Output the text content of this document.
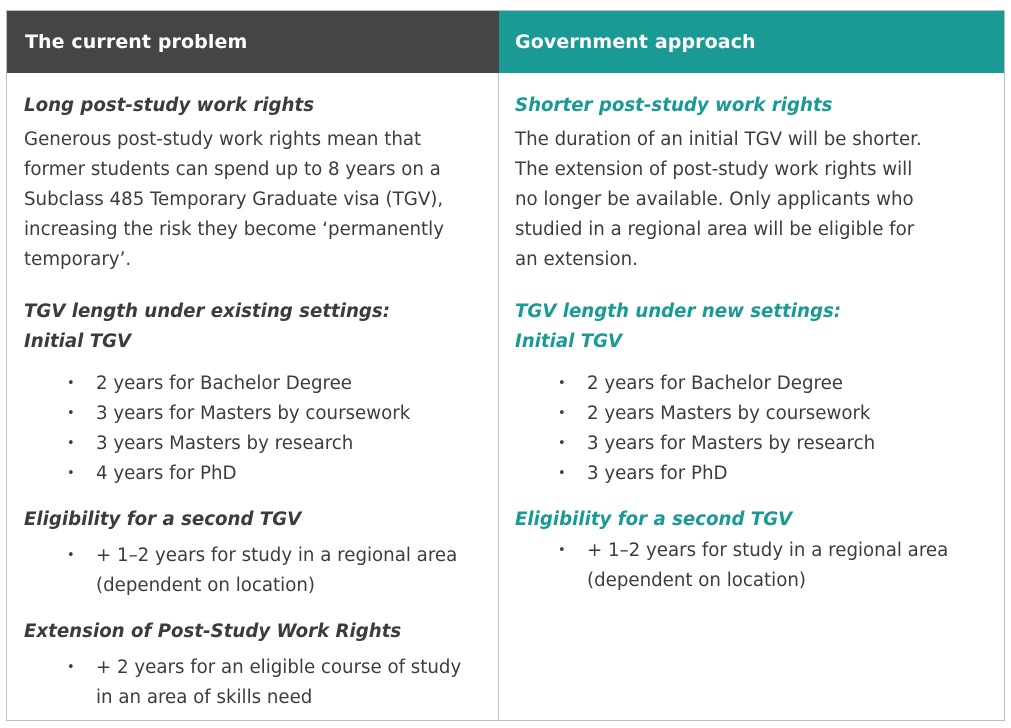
The current problem	Government approach
Long post-study work rights
Generous post-study work rights mean that
former students can spend up to 8 years on a
Subclass 485 Temporary Graduate visa (TGV),
increasing the risk they become ‘permanently
temporary’.
TGV length under existing settings:
Initial TGV
• 2 years for Bachelor Degree
• 3 years for Masters by coursework
• 3 years Masters by research
• 4 years for PhD
Eligibility for a second TGV
• + 1–2 years for study in a regional area
(dependent on location)
Extension of Post-Study Work Rights
• + 2 years for an eligible course of study
in an area of skills need
Shorter post-study work rights
The duration of an initial TGV will be shorter.
The extension of post-study work rights will
no longer be available. Only applicants who
studied in a regional area will be eligible for
an extension.
TGV length under new settings:
Initial TGV
• 2 years for Bachelor Degree
• 2 years Masters by coursework
• 3 years for Masters by research
• 3 years for PhD
Eligibility for a second TGV
• + 1–2 years for study in a regional area
(dependent on location)
